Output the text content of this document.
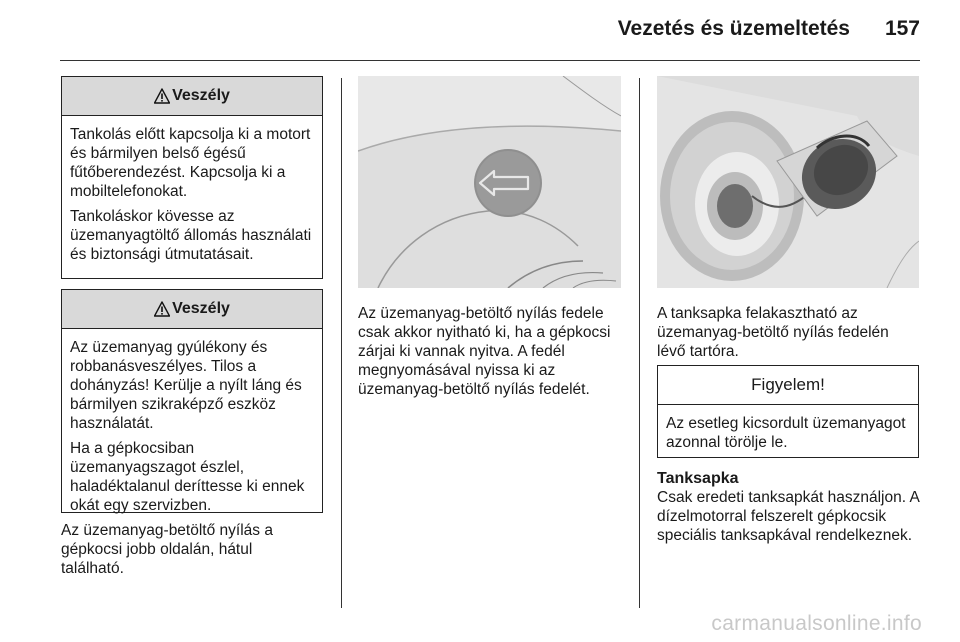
Vezetés és üzemeltetés 157
Veszély

Tankolás előtt kapcsolja ki a motort és bármilyen belső égésű fűtőberendezést. Kapcsolja ki a mobiltelefonokat.

Tankoláskor kövesse az üzemanyagtöltő állomás használati és biztonsági útmutatásait.

Veszély

Az üzemanyag gyúlékony és robbanásveszélyes. Tilos a dohányzás! Kerülje a nyílt láng és bármilyen szikraképző eszköz használatát.

Ha a gépkocsiban üzemanyagszagot észlel, haladéktalanul deríttesse ki ennek okát egy szervizben.

Az üzemanyag-betöltő nyílás a gépkocsi jobb oldalán, hátul található.
Az üzemanyag-betöltő nyílás fedele csak akkor nyitható ki, ha a gépkocsi zárjai ki vannak nyitva. A fedél megnyomásával nyissa ki az üzemanyag-betöltő nyílás fedelét.
A tanksapka felakasztható az üzemanyag-betöltő nyílás fedelén lévő tartóra.
Figyelem!

Az esetleg kicsordult üzemanyagot azonnal törölje le.

Tanksapka
Csak eredeti tanksapkát használjon. A dízelmotorral felszerelt gépkocsik speciális tanksapkával rendelkeznek.
carmanualsonline.info
